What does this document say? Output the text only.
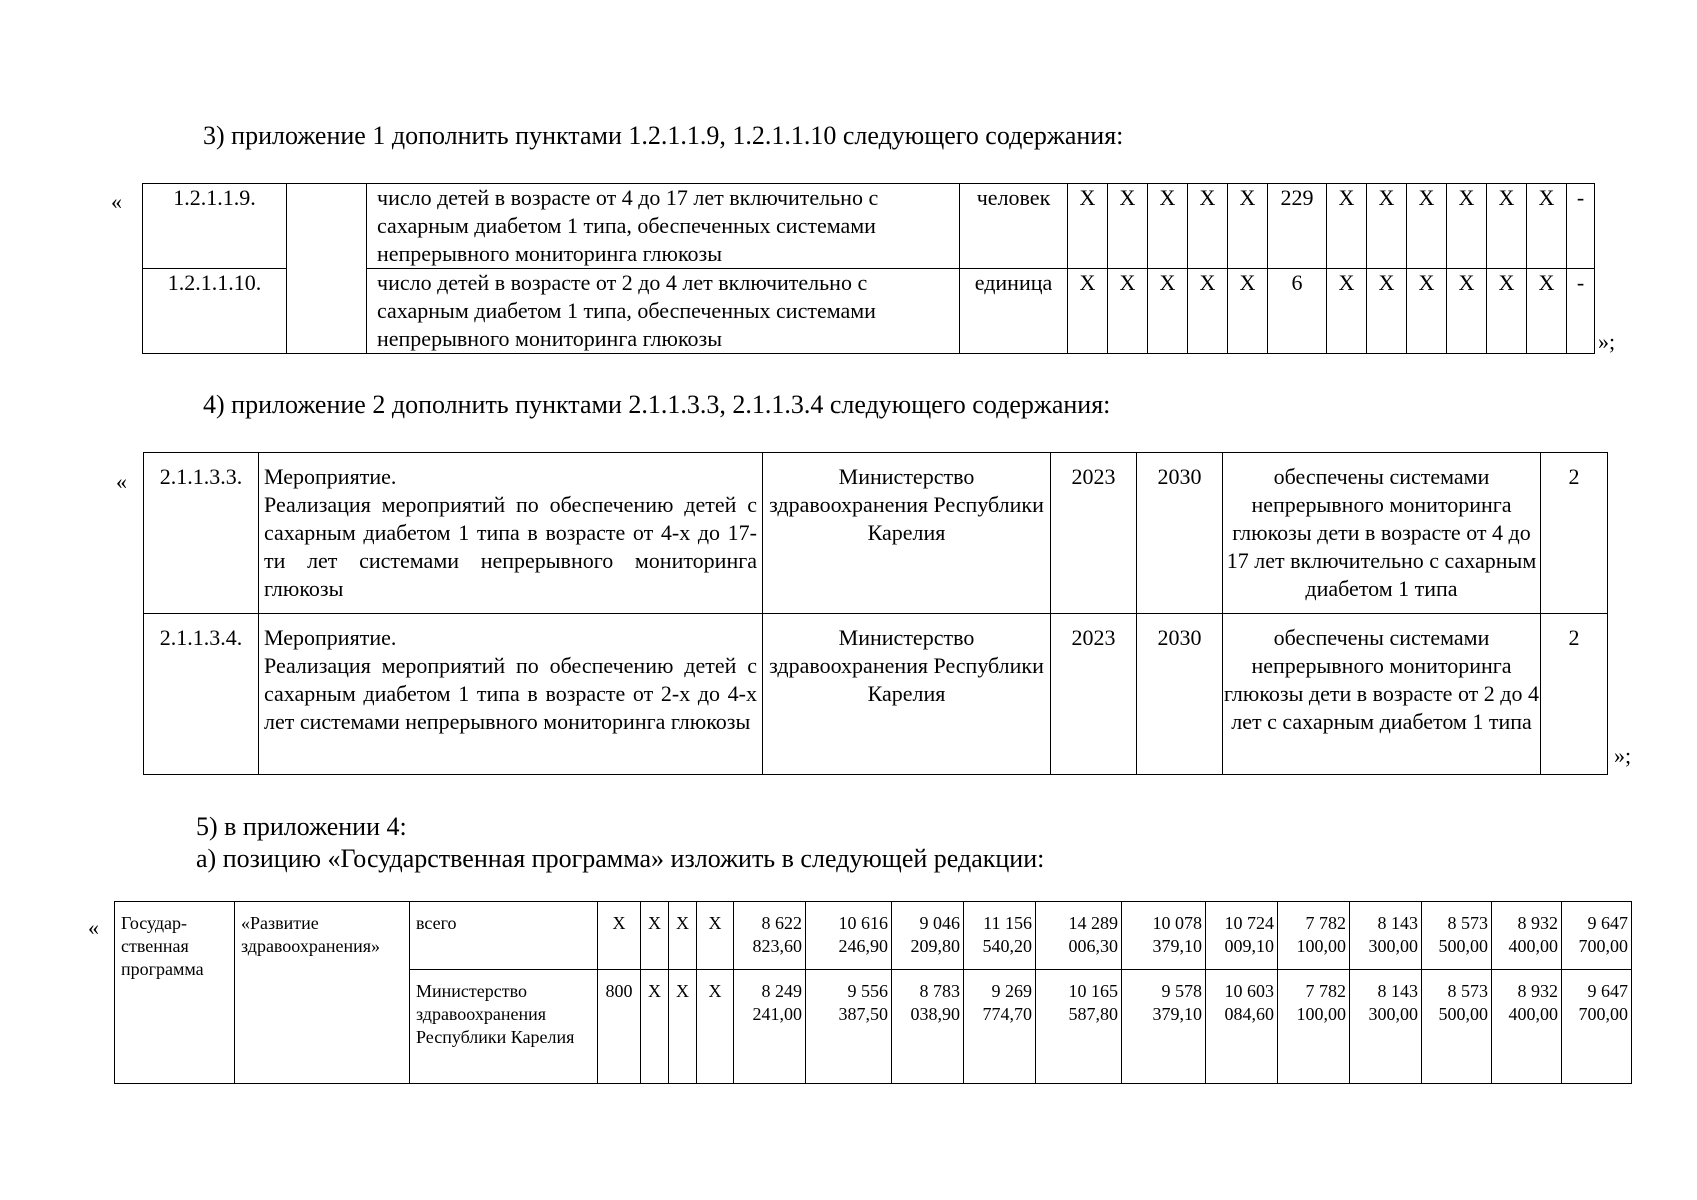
3) приложение 1 дополнить пунктами 1.2.1.1.9, 1.2.1.1.10 следующего содержания:
« 1.2.1.1.9.		число детей в возрасте от 4 до 17 лет включительно с сахарным диабетом 1 типа, обеспеченных системами непрерывного мониторинга глюкозы	человек	X	X	X	X	X	229	X	X	X	X	X	X	-
1.2.1.1.10.		число детей в возрасте от 2 до 4 лет включительно с сахарным диабетом 1 типа, обеспеченных системами непрерывного мониторинга глюкозы	единица	X	X	X	X	X	6	X	X	X	X	X	X	-
»;
4) приложение 2 дополнить пунктами 2.1.1.3.3, 2.1.1.3.4 следующего содержания:
« 2.1.1.3.3.	Мероприятие.
Реализация мероприятий по обеспечению детей с сахарным диабетом 1 типа в возрасте от 4-х до 17-ти лет системами непрерывного мониторинга глюкозы	Министерство здравоохранения Республики Карелия	2023	2030	обеспечены системами непрерывного мониторинга глюкозы дети в возрасте от 4 до 17 лет включительно с сахарным диабетом 1 типа	2
2.1.1.3.4.	Мероприятие.
Реализация мероприятий по обеспечению детей с сахарным диабетом 1 типа в возрасте от 2-х до 4-х лет системами непрерывного мониторинга глюкозы	Министерство здравоохранения Республики Карелия	2023	2030	обеспечены системами непрерывного мониторинга глюкозы дети в возрасте от 2 до 4 лет с сахарным диабетом 1 типа	2
»;
5) в приложении 4:
а) позицию «Государственная программа» изложить в следующей редакции:
« Государ-ственная программа	«Развитие здравоохранения»	всего	X	X	X	X	8 622 823,60	10 616 246,90	9 046 209,80	11 156 540,20	14 289 006,30	10 078 379,10	10 724 009,10	7 782 100,00	8 143 300,00	8 573 500,00	8 932 400,00	9 647 700,00
		Министерство здравоохранения Республики Карелия	800	X	X	X	8 249 241,00	9 556 387,50	8 783 038,90	9 269 774,70	10 165 587,80	9 578 379,10	10 603 084,60	7 782 100,00	8 143 300,00	8 573 500,00	8 932 400,00	9 647 700,00
